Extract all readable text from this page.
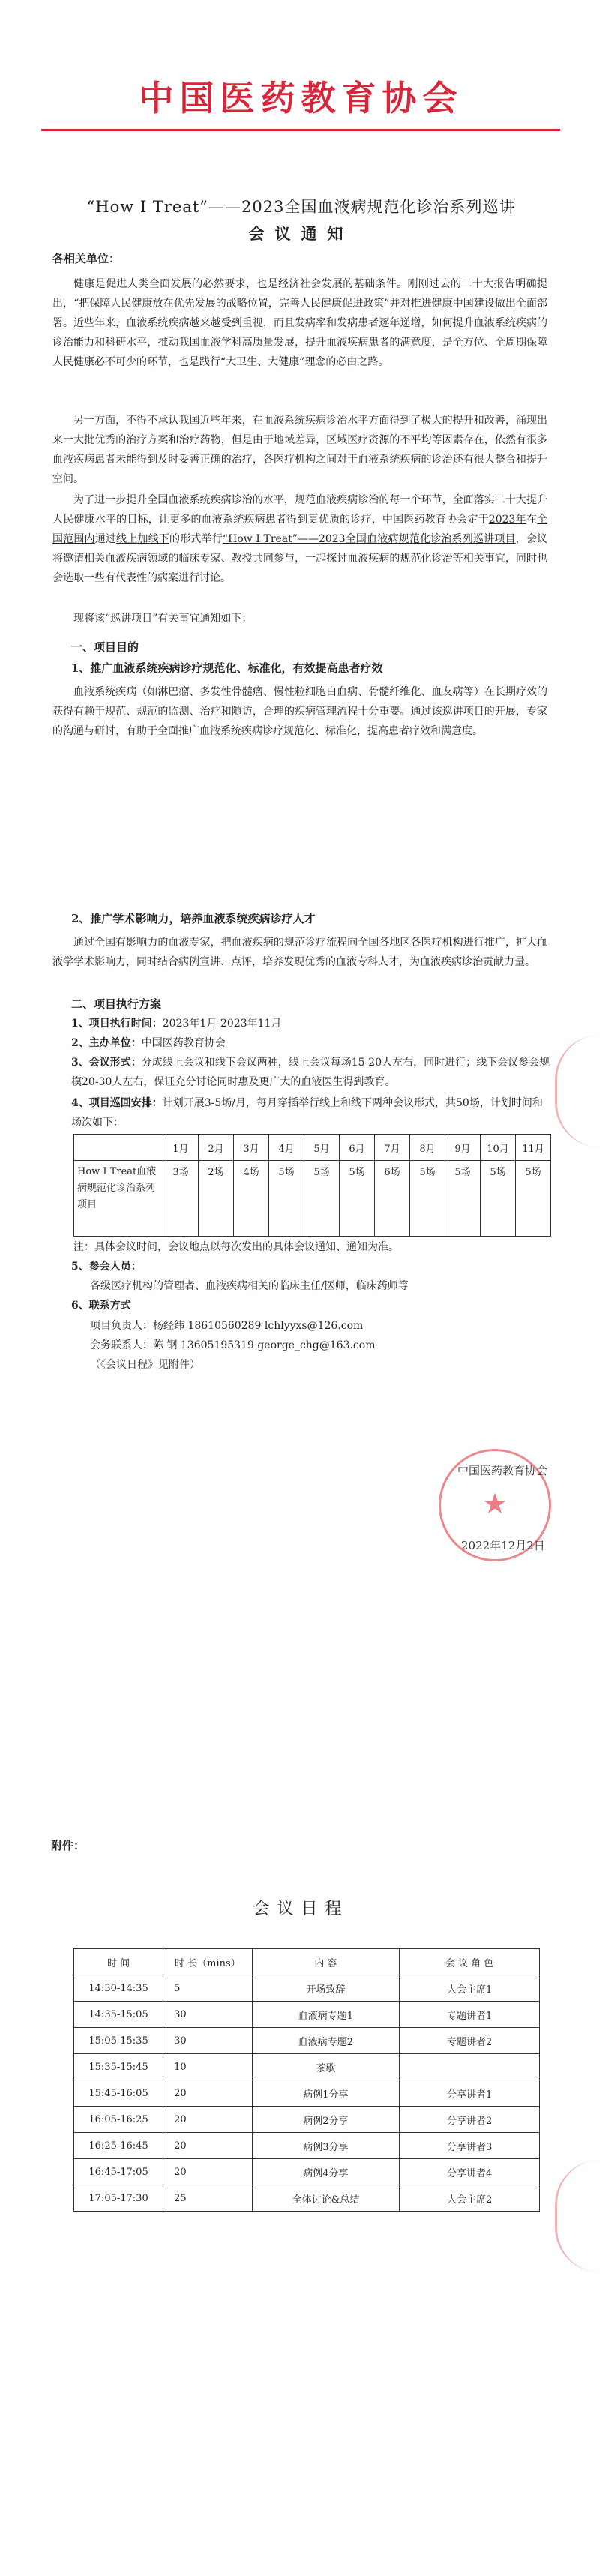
中国医药教育协会
“How I Treat”——2023全国血液病规范化诊治系列巡讲
会议通知
各相关单位：
健康是促进人类全面发展的必然要求，也是经济社会发展的基础条件。刚刚过去的二十大报告明确提出，“把保障人民健康放在优先发展的战略位置，完善人民健康促进政策”并对推进健康中国建设做出全面部署。近些年来，血液系统疾病越来越受到重视，而且发病率和发病患者逐年递增，如何提升血液系统疾病的诊治能力和科研水平，推动我国血液学科高质量发展，提升血液疾病患者的满意度，是全方位、全周期保障人民健康必不可少的环节，也是践行“大卫生、大健康”理念的必由之路。
另一方面，不得不承认我国近些年来，在血液系统疾病诊治水平方面得到了极大的提升和改善，涌现出来一大批优秀的治疗方案和治疗药物，但是由于地域差异，区域医疗资源的不平均等因素存在，依然有很多血液疾病患者未能得到及时妥善正确的治疗，各医疗机构之间对于血液系统疾病的诊治还有很大整合和提升空间。
为了进一步提升全国血液系统疾病诊治的水平，规范血液疾病诊治的每一个环节，全面落实二十大提升人民健康水平的目标，让更多的血液系统疾病患者得到更优质的诊疗，中国医药教育协会定于2023年在全国范围内通过线上加线下的形式举行“How I Treat”——2023全国血液病规范化诊治系列巡讲项目，会议将邀请相关血液疾病领域的临床专家、教授共同参与，一起探讨血液疾病的规范化诊治等相关事宜，同时也会选取一些有代表性的病案进行讨论。
现将该“巡讲项目”有关事宜通知如下：
一、项目目的
1、推广血液系统疾病诊疗规范化、标准化，有效提高患者疗效
血液系统疾病（如淋巴瘤、多发性骨髓瘤、慢性粒细胞白血病、骨髓纤维化、血友病等）在长期疗效的获得有赖于规范、规范的监测、治疗和随访，合理的疾病管理流程十分重要。通过该巡讲项目的开展，专家的沟通与研讨，有助于全面推广血液系统疾病诊疗规范化、标准化，提高患者疗效和满意度。
2、推广学术影响力，培养血液系统疾病诊疗人才
通过全国有影响力的血液专家，把血液疾病的规范诊疗流程向全国各地区各医疗机构进行推广，扩大血液学学术影响力，同时结合病例宣讲、点评，培养发现优秀的血液专科人才，为血液疾病诊治贡献力量。
二、项目执行方案
1、项目执行时间：2023年1月-2023年11月
2、主办单位：中国医药教育协会
3、会议形式：分成线上会议和线下会议两种，线上会议每场15-20人左右，同时进行；线下会议参会规模20-30人左右，保证充分讨论同时惠及更广大的血液医生得到教育。
4、项目巡回安排：计划开展3-5场/月，每月穿插举行线上和线下两种会议形式，共50场，计划时间和场次如下：
	1月	2月	3月	4月	5月	6月	7月	8月	9月	10月	11月
How I Treat血液病规范化诊治系列项目	3场	2场	4场	5场	5场	5场	6场	5场	5场	5场	5场
注：具体会议时间，会议地点以每次发出的具体会议通知、通知为准。
5、参会人员：
各级医疗机构的管理者、血液疾病相关的临床主任/医师，临床药师等
6、联系方式
项目负责人：杨经纬 18610560289 lchlyyxs@126.com
会务联系人：陈 钢 13605195319 george_chg@163.com
（《会议日程》见附件）
★
中国医药教育协会
2022年12月2日
附件：
会议日程
时 间	时 长（mins）	内 容	会 议 角 色
14:30-14:35	5	开场致辞	大会主席1
14:35-15:05	30	血液病专题1	专题讲者1
15:05-15:35	30	血液病专题2	专题讲者2
15:35-15:45	10	茶歇	
15:45-16:05	20	病例1分享	分享讲者1
16:05-16:25	20	病例2分享	分享讲者2
16:25-16:45	20	病例3分享	分享讲者3
16:45-17:05	20	病例4分享	分享讲者4
17:05-17:30	25	全体讨论&总结	大会主席2
